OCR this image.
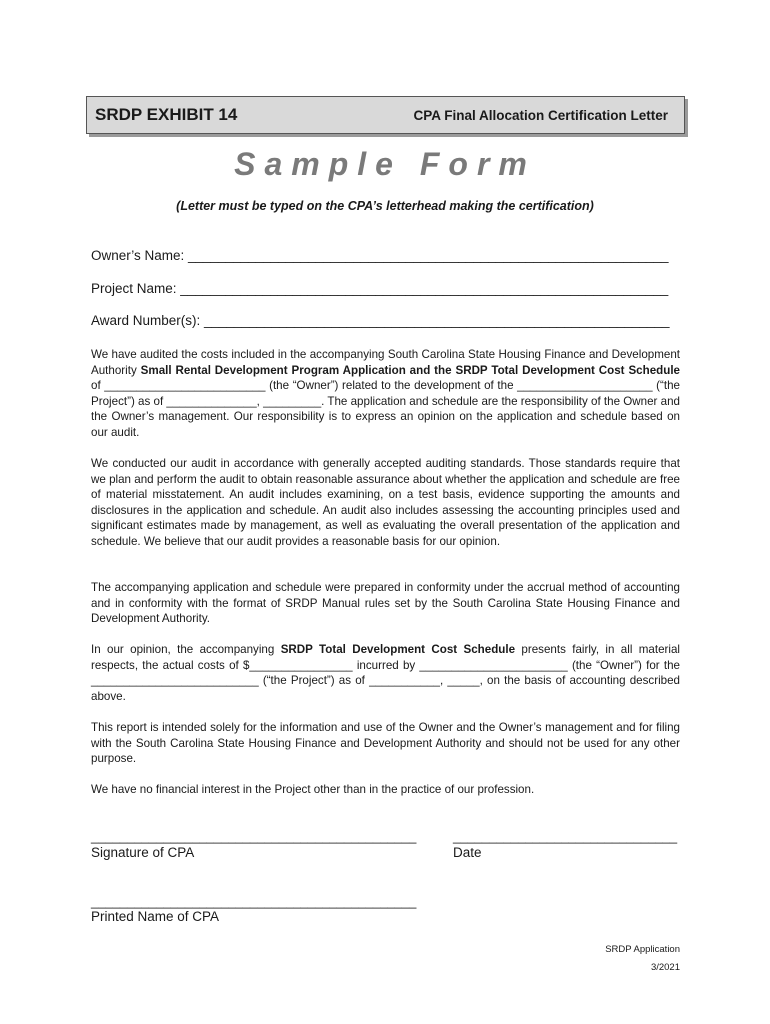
SRDP EXHIBIT 14	CPA Final Allocation Certification Letter
Sample Form
(Letter must be typed on the CPA’s letterhead making the certification)
Owner’s Name: ________________________________________________________________
Project Name: _________________________________________________________________
Award Number(s): ______________________________________________________________

We have audited the costs included in the accompanying South Carolina State Housing Finance and Development Authority Small Rental Development Program Application and the SRDP Total Development Cost Schedule of _________________________ (the “Owner”) related to the development of the _____________________ (“the Project”) as of ______________, _________. The application and schedule are the responsibility of the Owner and the Owner’s management. Our responsibility is to express an opinion on the application and schedule based on our audit.

We conducted our audit in accordance with generally accepted auditing standards. Those standards require that we plan and perform the audit to obtain reasonable assurance about whether the application and schedule are free of material misstatement. An audit includes examining, on a test basis, evidence supporting the amounts and disclosures in the application and schedule. An audit also includes assessing the accounting principles used and significant estimates made by management, as well as evaluating the overall presentation of the application and schedule. We believe that our audit provides a reasonable basis for our opinion.

The accompanying application and schedule were prepared in conformity under the accrual method of accounting and in conformity with the format of SRDP Manual rules set by the South Carolina State Housing Finance and Development Authority.

In our opinion, the accompanying SRDP Total Development Cost Schedule presents fairly, in all material respects, the actual costs of $________________ incurred by _______________________ (the “Owner”) for the __________________________ (“the Project”) as of ___________, _____, on the basis of accounting described above.

This report is intended solely for the information and use of the Owner and the Owner’s management and for filing with the South Carolina State Housing Finance and Development Authority and should not be used for any other purpose.

We have no financial interest in the Project other than in the practice of our profession.

_____________________________________________	_______________________________
Signature of CPA	Date
_____________________________________________
Printed Name of CPA
SRDP Application
3/2021
